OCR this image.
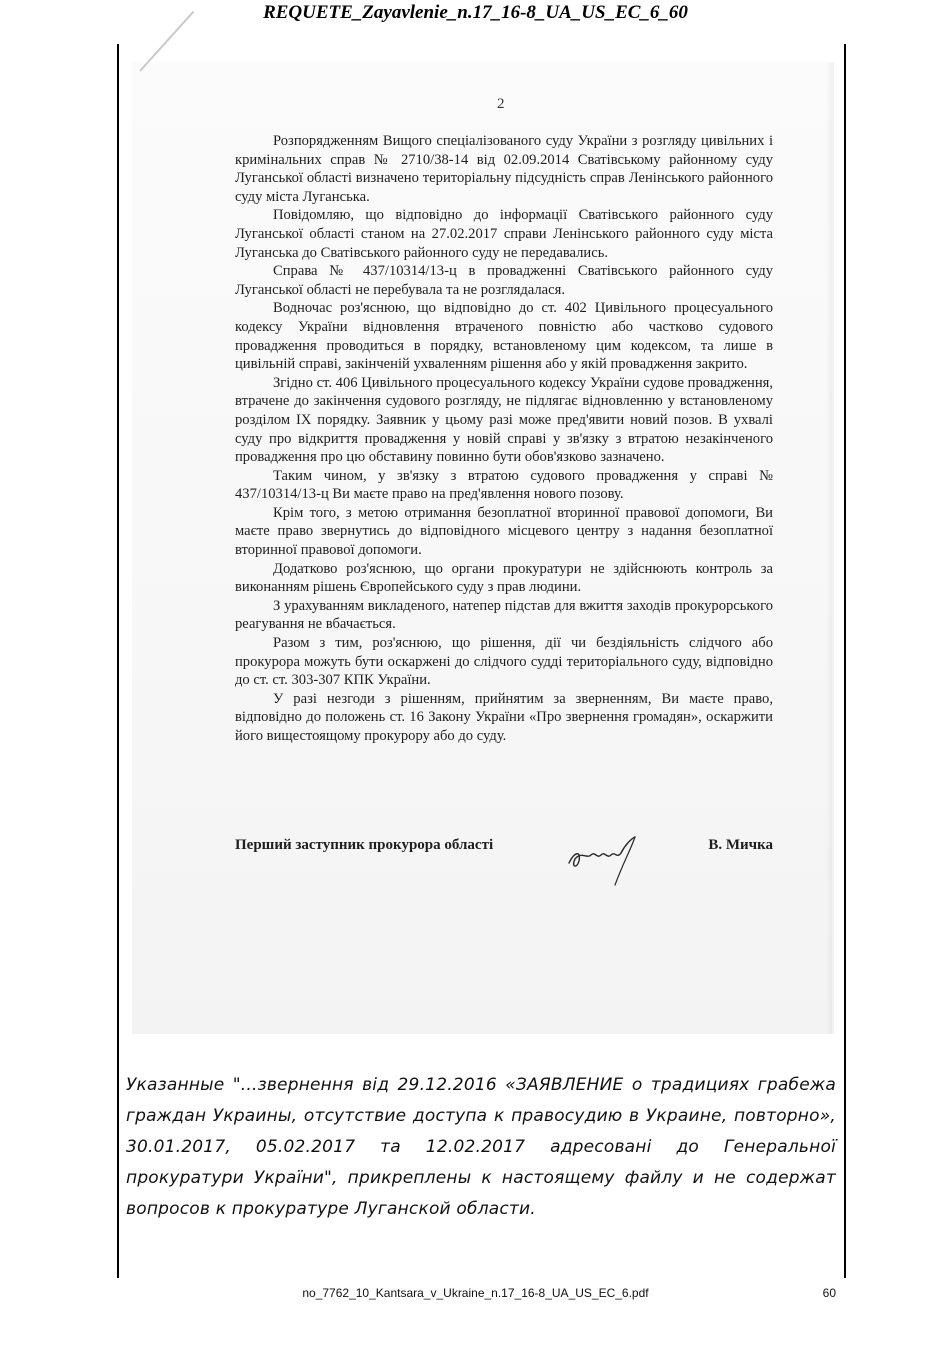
REQUETE_Zayavlenie_n.17_16-8_UA_US_EC_6_60
2

Розпорядженням Вищого спеціалізованого суду України з розгляду цивільних і кримінальних справ № 2710/38-14 від 02.09.2014 Сватівському районному суду Луганської області визначено територіальну підсудність справ Ленінського районного суду міста Луганська.

Повідомляю, що відповідно до інформації Сватівського районного суду Луганської області станом на 27.02.2017 справи Ленінського районного суду міста Луганська до Сватівського районного суду не передавались.

Справа № 437/10314/13-ц в провадженні Сватівського районного суду Луганської області не перебувала та не розглядалася.

Водночас роз'яснюю, що відповідно до ст. 402 Цивільного процесуального кодексу України відновлення втраченого повністю або частково судового провадження проводиться в порядку, встановленому цим кодексом, та лише в цивільній справі, закінченій ухваленням рішення або у якій провадження закрито.

Згідно ст. 406 Цивільного процесуального кодексу України судове провадження, втрачене до закінчення судового розгляду, не підлягає відновленню у встановленому розділом IX порядку. Заявник у цьому разі може пред'явити новий позов. В ухвалі суду про відкриття провадження у новій справі у зв'язку з втратою незакінченого провадження про цю обставину повинно бути обов'язково зазначено.

Таким чином, у зв'язку з втратою судового провадження у справі № 437/10314/13-ц Ви маєте право на пред'явлення нового позову.

Крім того, з метою отримання безоплатної вторинної правової допомоги, Ви маєте право звернутись до відповідного місцевого центру з надання безоплатної вторинної правової допомоги.

Додатково роз'яснюю, що органи прокуратури не здійснюють контроль за виконанням рішень Європейського суду з прав людини.

З урахуванням викладеного, натепер підстав для вжиття заходів прокурорського реагування не вбачається.

Разом з тим, роз'яснюю, що рішення, дії чи бездіяльність слідчого або прокурора можуть бути оскаржені до слідчого судді територіального суду, відповідно до ст. ст. 303-307 КПК України.

У разі незгоди з рішенням, прийнятим за зверненням, Ви маєте право, відповідно до положень ст. 16 Закону України «Про звернення громадян», оскаржити його вищестоящому прокурору або до суду.

Перший заступник прокурора області	В. Мичка
Указанные "...звернення від 29.12.2016 «ЗАЯВЛЕНИЕ о традициях грабежа граждан Украины, отсутствие доступа к правосудию в Украине, повторно», 30.01.2017, 05.02.2017 та 12.02.2017 адресовані до Генеральної прокуратури України", прикреплены к настоящему файлу и не содержат вопросов к прокуратуре Луганской области.
no_7762_10_Kantsara_v_Ukraine_n.17_16-8_UA_US_EC_6.pdf	60
